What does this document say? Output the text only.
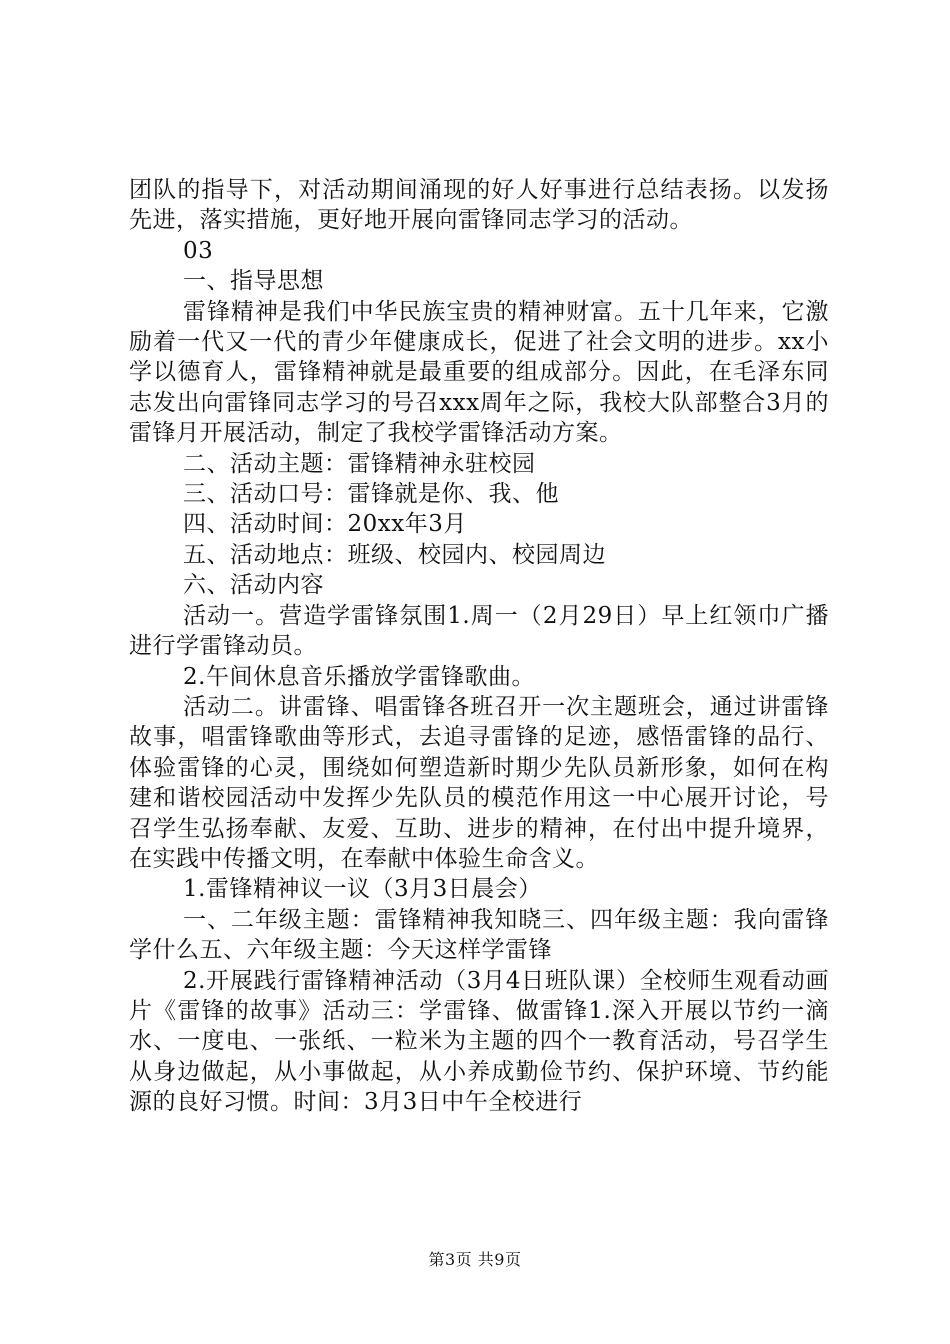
团队的指导下，对活动期间涌现的好人好事进行总结表扬。以发扬先进，落实措施，更好地开展向雷锋同志学习的活动。

03

一、指导思想

雷锋精神是我们中华民族宝贵的精神财富。五十几年来，它激励着一代又一代的青少年健康成长，促进了社会文明的进步。xx小学以德育人，雷锋精神就是最重要的组成部分。因此，在毛泽东同志发出向雷锋同志学习的号召xxx周年之际，我校大队部整合3月的雷锋月开展活动，制定了我校学雷锋活动方案。

二、活动主题：雷锋精神永驻校园

三、活动口号：雷锋就是你、我、他

四、活动时间：20xx年3月

五、活动地点：班级、校园内、校园周边

六、活动内容

活动一。营造学雷锋氛围1.周一（2月29日）早上红领巾广播进行学雷锋动员。

2.午间休息音乐播放学雷锋歌曲。

活动二。讲雷锋、唱雷锋各班召开一次主题班会，通过讲雷锋故事，唱雷锋歌曲等形式，去追寻雷锋的足迹，感悟雷锋的品行、体验雷锋的心灵，围绕如何塑造新时期少先队员新形象，如何在构建和谐校园活动中发挥少先队员的模范作用这一中心展开讨论，号召学生弘扬奉献、友爱、互助、进步的精神，在付出中提升境界，在实践中传播文明，在奉献中体验生命含义。

1.雷锋精神议一议（3月3日晨会）

一、二年级主题：雷锋精神我知晓三、四年级主题：我向雷锋学什么五、六年级主题：今天这样学雷锋

2.开展践行雷锋精神活动（3月4日班队课）全校师生观看动画片《雷锋的故事》活动三：学雷锋、做雷锋1.深入开展以节约一滴水、一度电、一张纸、一粒米为主题的四个一教育活动，号召学生从身边做起，从小事做起，从小养成勤俭节约、保护环境、节约能源的良好习惯。时间：3月3日中午全校进行

第3页 共9页
